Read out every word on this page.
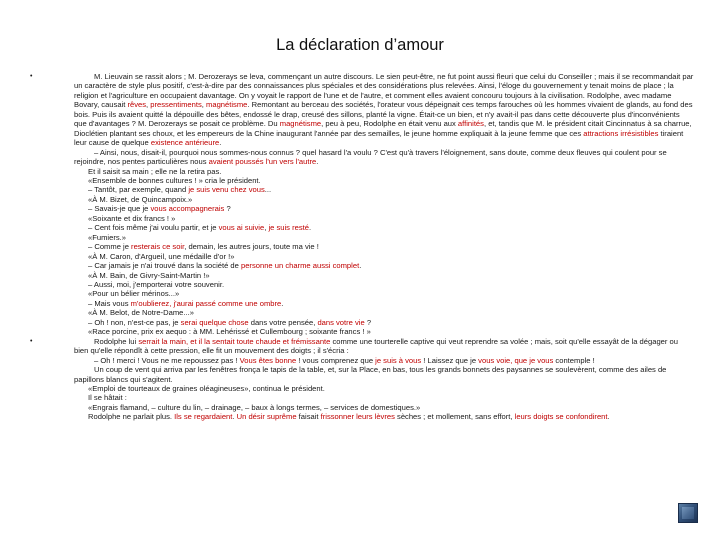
La déclaration d’amour
•	M. Lieuvain se rassit alors ; M. Derozerays se leva, commençant un autre discours. Le sien peut-être, ne fut point aussi fleuri que celui du Conseiller ; mais il se recommandait par un caractère de style plus positif, c'est-à-dire par des connaissances plus spéciales et des considérations plus relevées. Ainsi, l'éloge du gouvernement y tenait moins de place ; la religion et l'agriculture en occupaient davantage. On y voyait le rapport de l'une et de l'autre, et comment elles avaient concouru toujours à la civilisation. Rodolphe, avec madame Bovary, causait rêves, pressentiments, magnétisme. Remontant au berceau des sociétés, l'orateur vous dépeignait ces temps farouches où les hommes vivaient de glands, au fond des bois. Puis ils avaient quitté la dépouille des bêtes, endossé le drap, creusé des sillons, planté la vigne. Était-ce un bien, et n'y avait-il pas dans cette découverte plus d'inconvénients que d'avantages ? M. Derozerays se posait ce problème. Du magnétisme, peu à peu, Rodolphe en était venu aux affinités, et, tandis que M. le président citait Cincinnatus à sa charrue, Dioclétien plantant ses choux, et les empereurs de la Chine inaugurant l'année par des semailles, le jeune homme expliquait à la jeune femme que ces attractions irrésistibles tiraient leur cause de quelque existence antérieure.
– Ainsi, nous, disait-il, pourquoi nous sommes-nous connus ? quel hasard l'a voulu ? C'est qu'à travers l'éloignement, sans doute, comme deux fleuves qui coulent pour se rejoindre, nos pentes particulières nous avaient poussés l'un vers l'autre.
Et il saisit sa main ; elle ne la retira pas.
«Ensemble de bonnes cultures ! » cria le président.
– Tantôt, par exemple, quand je suis venu chez vous...
«À M. Bizet, de Quincampoix.»
– Savais-je que je vous accompagnerais ?
«Soixante et dix francs ! »
– Cent fois même j'ai voulu partir, et je vous ai suivie, je suis resté.
«Fumiers.»
– Comme je resterais ce soir, demain, les autres jours, toute ma vie !
«À M. Caron, d'Argueil, une médaille d'or !»
– Car jamais je n'ai trouvé dans la société de personne un charme aussi complet.
«À M. Bain, de Givry-Saint-Martin !»
– Aussi, moi, j'emporterai votre souvenir.
«Pour un bélier mérinos...»
– Mais vous m'oublierez, j'aurai passé comme une ombre.
«À M. Belot, de Notre-Dame...»
– Oh ! non, n'est-ce pas, je serai quelque chose dans votre pensée, dans votre vie ?
«Race porcine, prix ex aequo : à MM. Lehérissé et Cullembourg ; soixante francs ! »
•	Rodolphe lui serrait la main, et il la sentait toute chaude et frémissante comme une tourterelle captive qui veut reprendre sa volée ; mais, soit qu'elle essayât de la dégager ou bien qu'elle répondît à cette pression, elle fit un mouvement des doigts ; il s'écria :
– Oh ! merci ! Vous ne me repoussez pas ! Vous êtes bonne ! vous comprenez que je suis à vous ! Laissez que je vous voie, que je vous contemple !
Un coup de vent qui arriva par les fenêtres fronça le tapis de la table, et, sur la Place, en bas, tous les grands bonnets des paysannes se soulevèrent, comme des ailes de papillons blancs qui s'agitent.
«Emploi de tourteaux de graines oléagineuses», continua le président.
Il se hâtait :
«Engrais flamand, – culture du lin, – drainage, – baux à longs termes, – services de domestiques.»
Rodolphe ne parlait plus. Ils se regardaient. Un désir suprême faisait frissonner leurs lèvres sèches ; et mollement, sans effort, leurs doigts se confondirent.
